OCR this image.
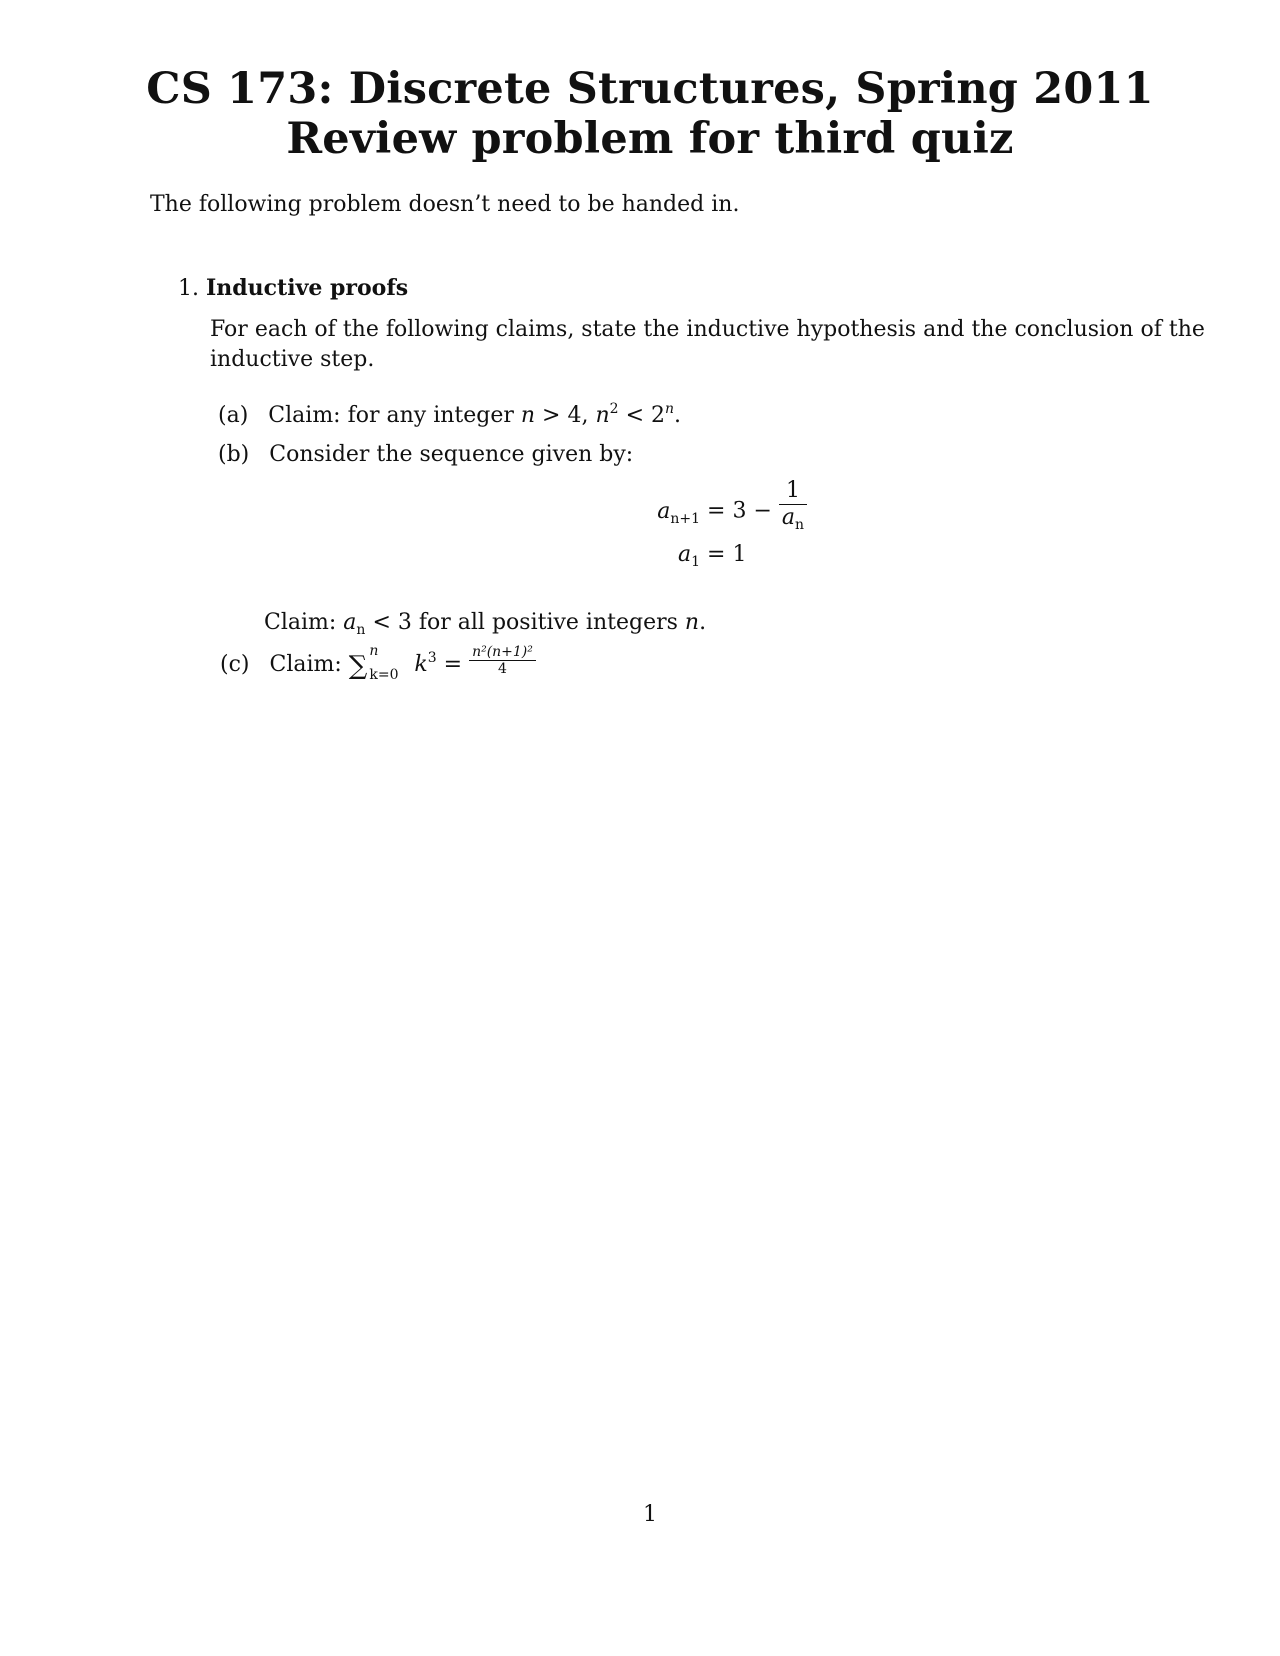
CS 173: Discrete Structures, Spring 2011
Review problem for third quiz
The following problem doesn’t need to be handed in.
1. Inductive proofs
For each of the following claims, state the inductive hypothesis and the conclusion of the
inductive step.
(a) Claim: for any integer n > 4, $n^2 < 2^n$.
(b) Consider the sequence given by:
$a_{n+1} = 3 - \frac{1}{a_n}$
$a_1 = 1$
Claim: $a_n < 3$ for all positive integers n.
(c) Claim: ∑ n
k=0 $k^3 = \frac{\text{n²(n+1)²}}{4}$
1
